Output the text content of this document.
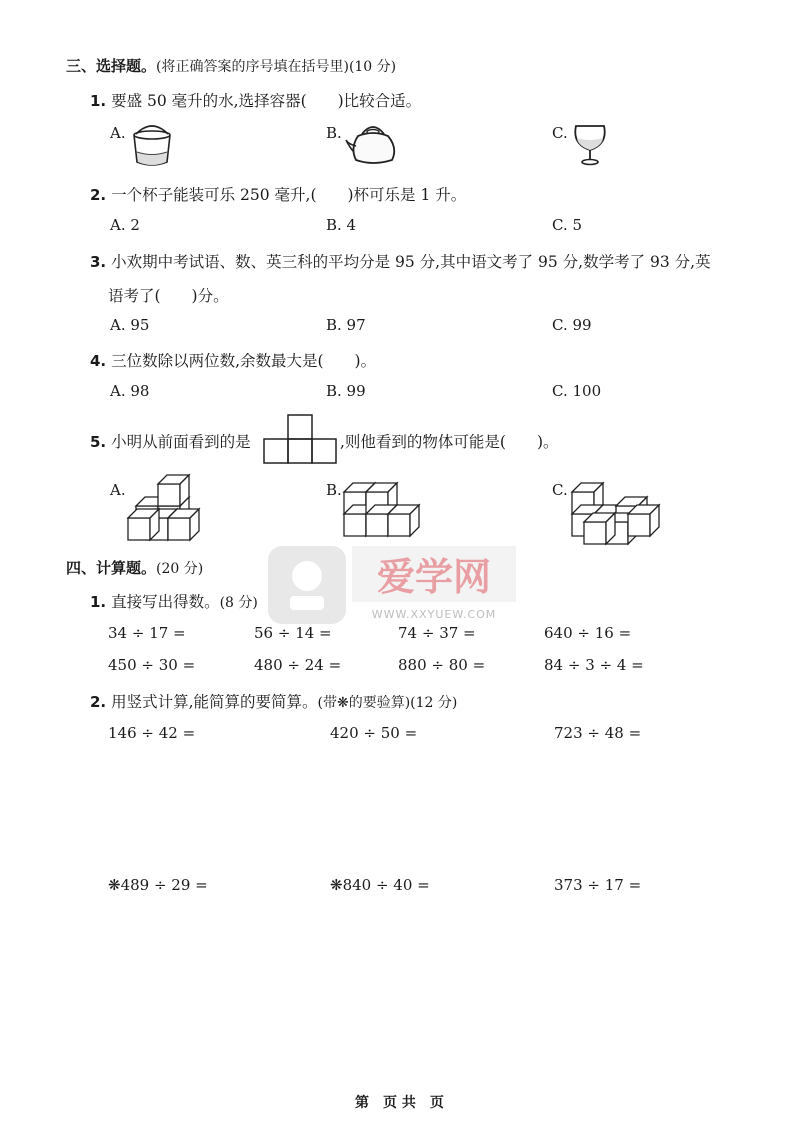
三、选择题。(将正确答案的序号填在括号里)(10 分)
1. 要盛 50 毫升的水,选择容器(　　)比较合适。
A.	B.	C.
2. 一个杯子能装可乐 250 毫升,(　　)杯可乐是 1 升。
A. 2	B. 4	C. 5
3. 小欢期中考试语、数、英三科的平均分是 95 分,其中语文考了 95 分,数学考了 93 分,英
语考了(　　)分。
A. 95	B. 97	C. 99
4. 三位数除以两位数,余数最大是(　　)。
A. 98	B. 99	C. 100
5. 小明从前面看到的是	,则他看到的物体可能是(　　)。
A.	B.	C.
爱学网
WWW.XXYUEW.COM
四、计算题。(20 分)
1. 直接写出得数。(8 分)
34 ÷ 17 =	56 ÷ 14 =	74 ÷ 37 =	640 ÷ 16 =
450 ÷ 30 =	480 ÷ 24 =	880 ÷ 80 =	84 ÷ 3 ÷ 4 =
2. 用竖式计算,能简算的要简算。(带❋的要验算)(12 分)
146 ÷ 42 =	420 ÷ 50 =	723 ÷ 48 =
❋489 ÷ 29 =	❋840 ÷ 40 =	373 ÷ 17 =
第　页 共　页
